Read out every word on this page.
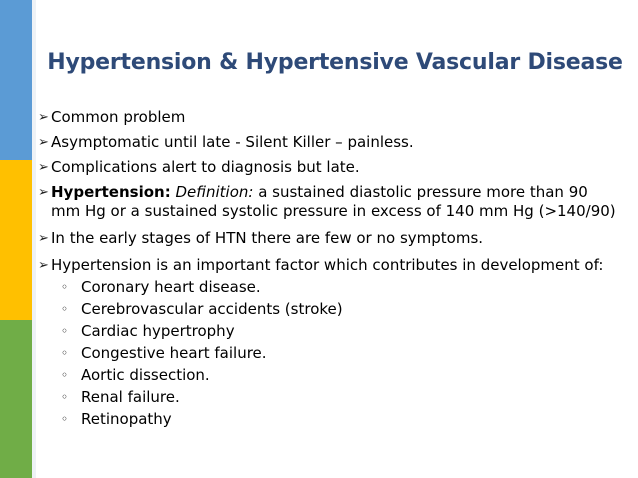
Hypertension & Hypertensive Vascular Disease
➢ Common problem
➢ Asymptomatic until late - Silent Killer – painless.
➢ Complications alert to diagnosis but late.
➢ Hypertension: Definition: a sustained diastolic pressure more than 90 mm Hg or a sustained systolic pressure in excess of 140 mm Hg (>140/90)
➢ In the early stages of HTN there are few or no symptoms.
➢ Hypertension is an important factor which contributes in development of:
◦ Coronary heart disease.
◦ Cerebrovascular accidents (stroke)
◦ Cardiac hypertrophy
◦ Congestive heart failure.
◦ Aortic dissection.
◦ Renal failure.
◦ Retinopathy
